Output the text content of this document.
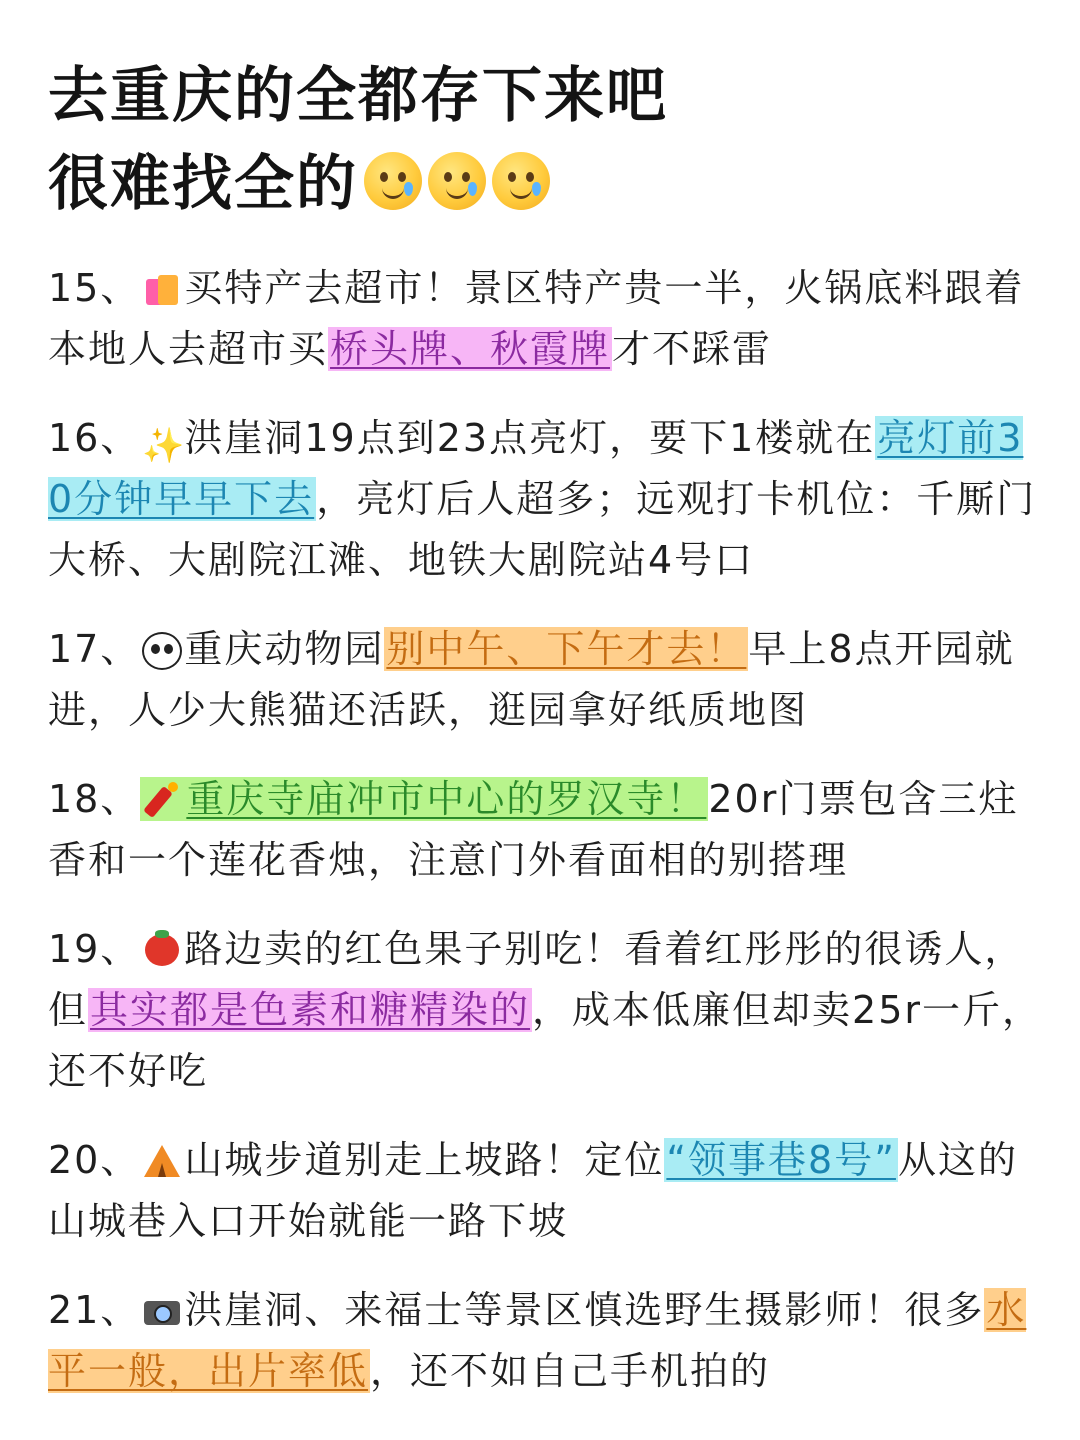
去重庆的全都存下来吧
很难找全的
15、 买特产去超市！景区特产贵一半，火锅底料跟着本地人去超市买桥头牌、秋霞牌才不踩雷
16、✨洪崖洞19点到23点亮灯，要下1楼就在亮灯前30分钟早早下去，亮灯后人超多；远观打卡机位：千厮门大桥、大剧院江滩、地铁大剧院站4号口
17、 重庆动物园别中午、下午才去！早上8点开园就进，人少大熊猫还活跃，逛园拿好纸质地图
18、 重庆寺庙冲市中心的罗汉寺！20r门票包含三炷香和一个莲花香烛，注意门外看面相的别搭理
19、 路边卖的红色果子别吃！看着红彤彤的很诱人，但其实都是色素和糖精染的，成本低廉但却卖25r一斤，还不好吃
20、 山城步道别走上坡路！定位“领事巷8号”从这的山城巷入口开始就能一路下坡
21、 洪崖洞、来福士等景区慎选野生摄影师！很多水平一般，出片率低，还不如自己手机拍的
